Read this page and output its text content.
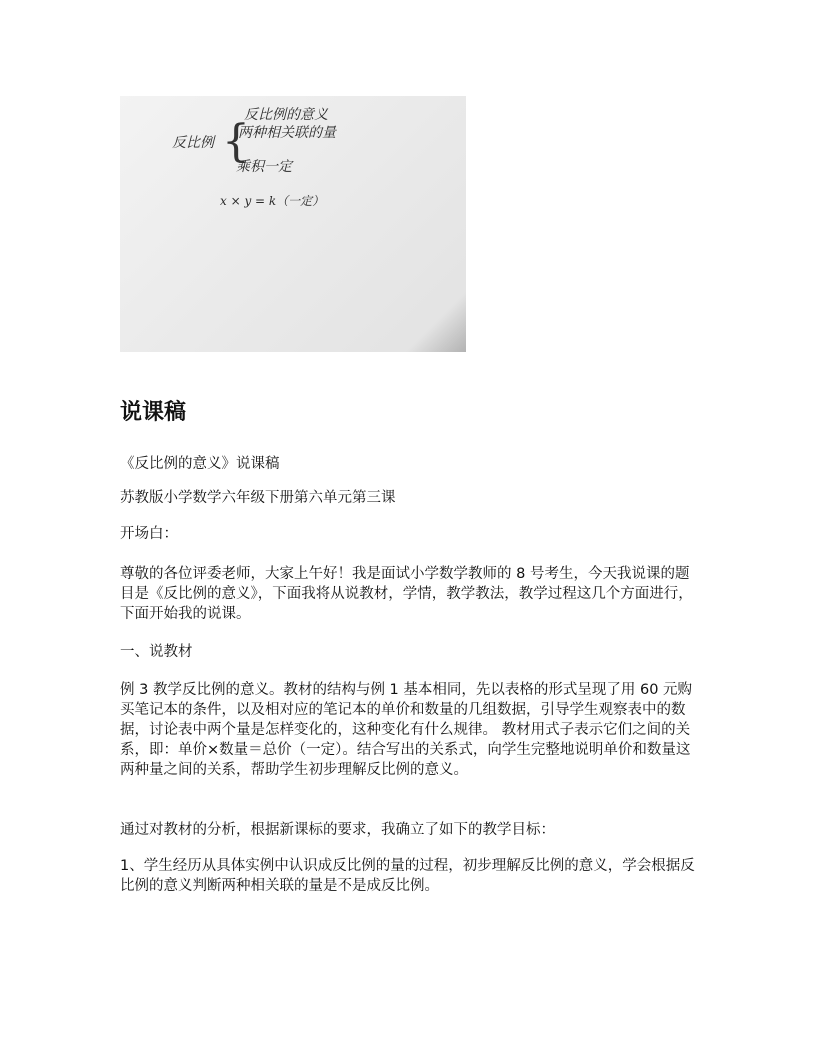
反比例的意义
反比例 {
两种相关联的量
乘积一定
x × y = k（一定）
说课稿

《反比例的意义》说课稿

苏教版小学数学六年级下册第六单元第三课

开场白：

尊敬的各位评委老师，大家上午好！我是面试小学数学教师的 8 号考生，今天我说课的题目是《反比例的意义》，下面我将从说教材，学情，教学教法，教学过程这几个方面进行，下面开始我的说课。

一、说教材

例 3 教学反比例的意义。教材的结构与例 1 基本相同，先以表格的形式呈现了用 60 元购买笔记本的条件，以及相对应的笔记本的单价和数量的几组数据，引导学生观察表中的数据，讨论表中两个量是怎样变化的，这种变化有什么规律。 教材用式子表示它们之间的关系，即：单价×数量＝总价（一定）。结合写出的关系式，向学生完整地说明单价和数量这两种量之间的关系，帮助学生初步理解反比例的意义。

通过对教材的分析，根据新课标的要求，我确立了如下的教学目标：

1、学生经历从具体实例中认识成反比例的量的过程，初步理解反比例的意义，学会根据反比例的意义判断两种相关联的量是不是成反比例。
